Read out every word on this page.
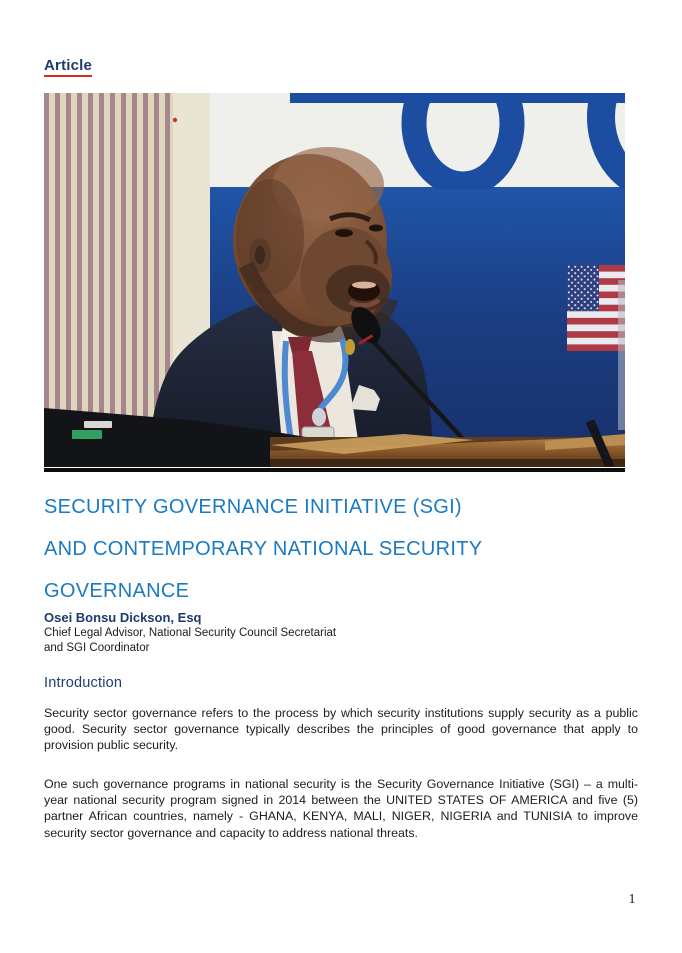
Article
SECURITY GOVERNANCE INITIATIVE (SGI)
AND CONTEMPORARY NATIONAL SECURITY
GOVERNANCE
Osei Bonsu Dickson, Esq
Chief Legal Advisor, National Security Council Secretariat
and SGI Coordinator
Introduction

Security sector governance refers to the process by which security institutions supply security as a public good. Security sector governance typically describes the principles of good governance that apply to provision public security.

One such governance programs in national security is the Security Governance Initiative (SGI) – a multi-year national security program signed in 2014 between the UNITED STATES OF AMERICA and five (5) partner African countries, namely - GHANA, KENYA, MALI, NIGER, NIGERIA and TUNISIA to improve security sector governance and capacity to address national threats.

1
